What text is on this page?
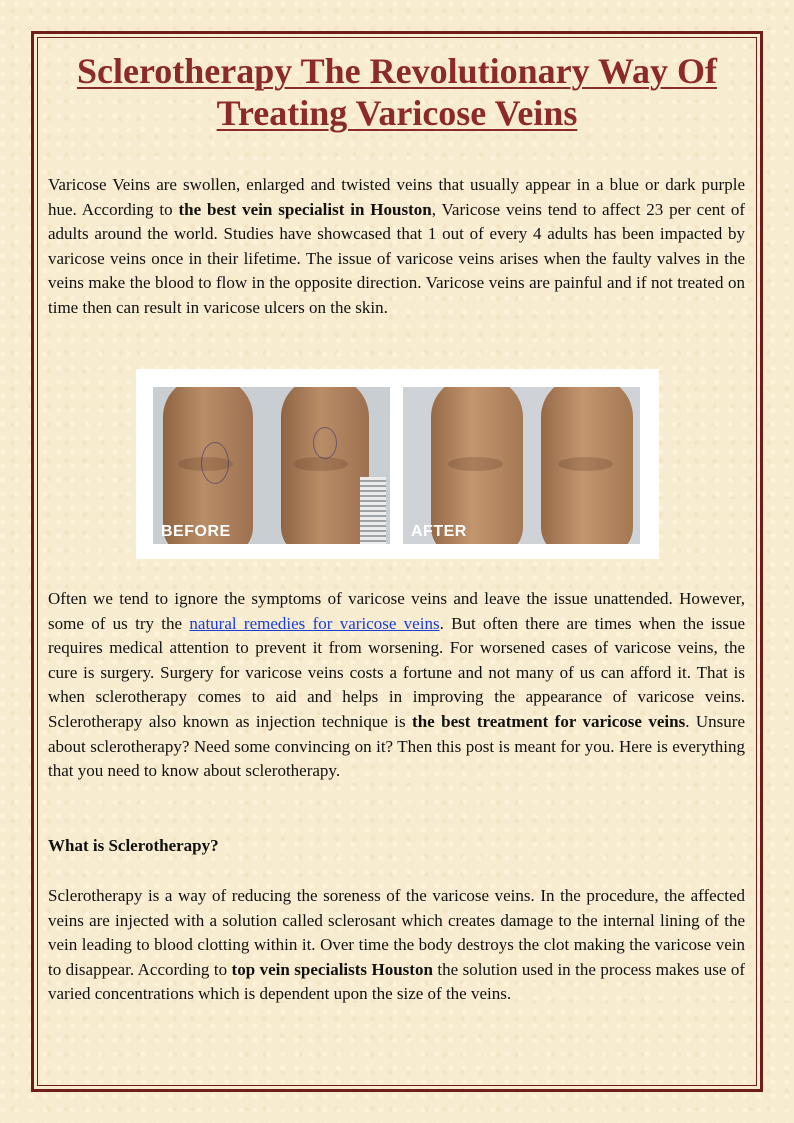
Sclerotherapy The Revolutionary Way Of Treating Varicose Veins

Varicose Veins are swollen, enlarged and twisted veins that usually appear in a blue or dark purple hue. According to the best vein specialist in Houston, Varicose veins tend to affect 23 per cent of adults around the world. Studies have showcased that 1 out of every 4 adults has been impacted by varicose veins once in their lifetime. The issue of varicose veins arises when the faulty valves in the veins make the blood to flow in the opposite direction. Varicose veins are painful and if not treated on time then can result in varicose ulcers on the skin.

BEFORE	AFTER

Often we tend to ignore the symptoms of varicose veins and leave the issue unattended. However, some of us try the natural remedies for varicose veins. But often there are times when the issue requires medical attention to prevent it from worsening. For worsened cases of varicose veins, the cure is surgery. Surgery for varicose veins costs a fortune and not many of us can afford it. That is when sclerotherapy comes to aid and helps in improving the appearance of varicose veins. Sclerotherapy also known as injection technique is the best treatment for varicose veins. Unsure about sclerotherapy? Need some convincing on it? Then this post is meant for you. Here is everything that you need to know about sclerotherapy.

What is Sclerotherapy?

Sclerotherapy is a way of reducing the soreness of the varicose veins. In the procedure, the affected veins are injected with a solution called sclerosant which creates damage to the internal lining of the vein leading to blood clotting within it. Over time the body destroys the clot making the varicose vein to disappear. According to top vein specialists Houston the solution used in the process makes use of varied concentrations which is dependent upon the size of the veins.
